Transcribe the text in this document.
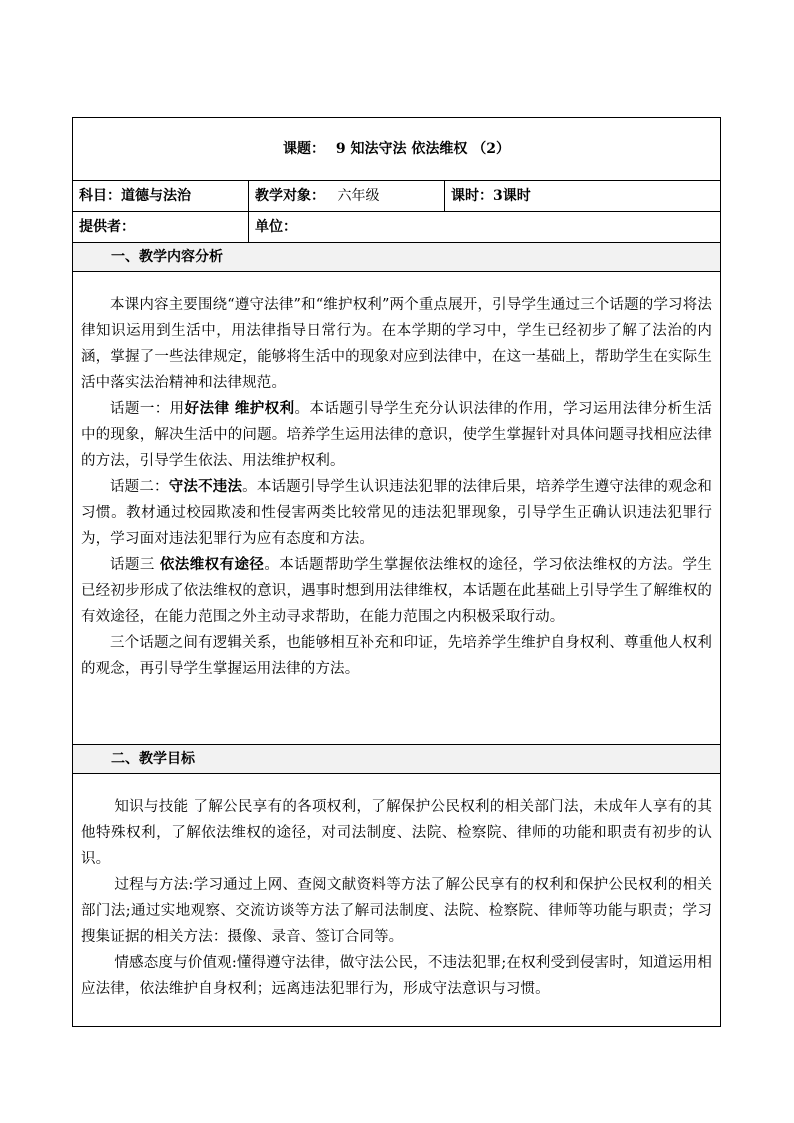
课题： 9 知法守法 依法维权 （2）		
科目：道德与法治	教学对象： 六年级	课时：3课时
提供者：	单位：	
一、教学内容分析		

本课内容主要围绕“遵守法律”和“维护权利”两个重点展开，引导学生通过三个话题的学习将法律知识运用到生活中，用法律指导日常行为。在本学期的学习中，学生已经初步了解了法治的内涵，掌握了一些法律规定，能够将生活中的现象对应到法律中，在这一基础上，帮助学生在实际生活中落实法治精神和法律规范。

话题一：用好法律 维护权利。本话题引导学生充分认识法律的作用，学习运用法律分析生活中的现象，解决生活中的问题。培养学生运用法律的意识，使学生掌握针对具体问题寻找相应法律的方法，引导学生依法、用法维护权利。

话题二：守法不违法。本话题引导学生认识违法犯罪的法律后果，培养学生遵守法律的观念和习惯。教材通过校园欺凌和性侵害两类比较常见的违法犯罪现象，引导学生正确认识违法犯罪行为，学习面对违法犯罪行为应有态度和方法。

话题三 依法维权有途径。本话题帮助学生掌握依法维权的途径，学习依法维权的方法。学生已经初步形成了依法维权的意识，遇事时想到用法律维权，本话题在此基础上引导学生了解维权的有效途径，在能力范围之外主动寻求帮助，在能力范围之内积极采取行动。

三个话题之间有逻辑关系，也能够相互补充和印证，先培养学生维护自身权利、尊重他人权利的观念，再引导学生掌握运用法律的方法。		

二、教学目标		

知识与技能 了解公民享有的各项权利，了解保护公民权利的相关部门法，未成年人享有的其他特殊权利，了解依法维权的途径，对司法制度、法院、检察院、律师的功能和职责有初步的认识。

过程与方法:学习通过上网、查阅文献资料等方法了解公民享有的权利和保护公民权利的相关部门法;通过实地观察、交流访谈等方法了解司法制度、法院、检察院、律师等功能与职责；学习搜集证据的相关方法：摄像、录音、签订合同等。

情感态度与价值观:懂得遵守法律，做守法公民，不违法犯罪;在权利受到侵害时，知道运用相应法律，依法维护自身权利；远离违法犯罪行为，形成守法意识与习惯。		
